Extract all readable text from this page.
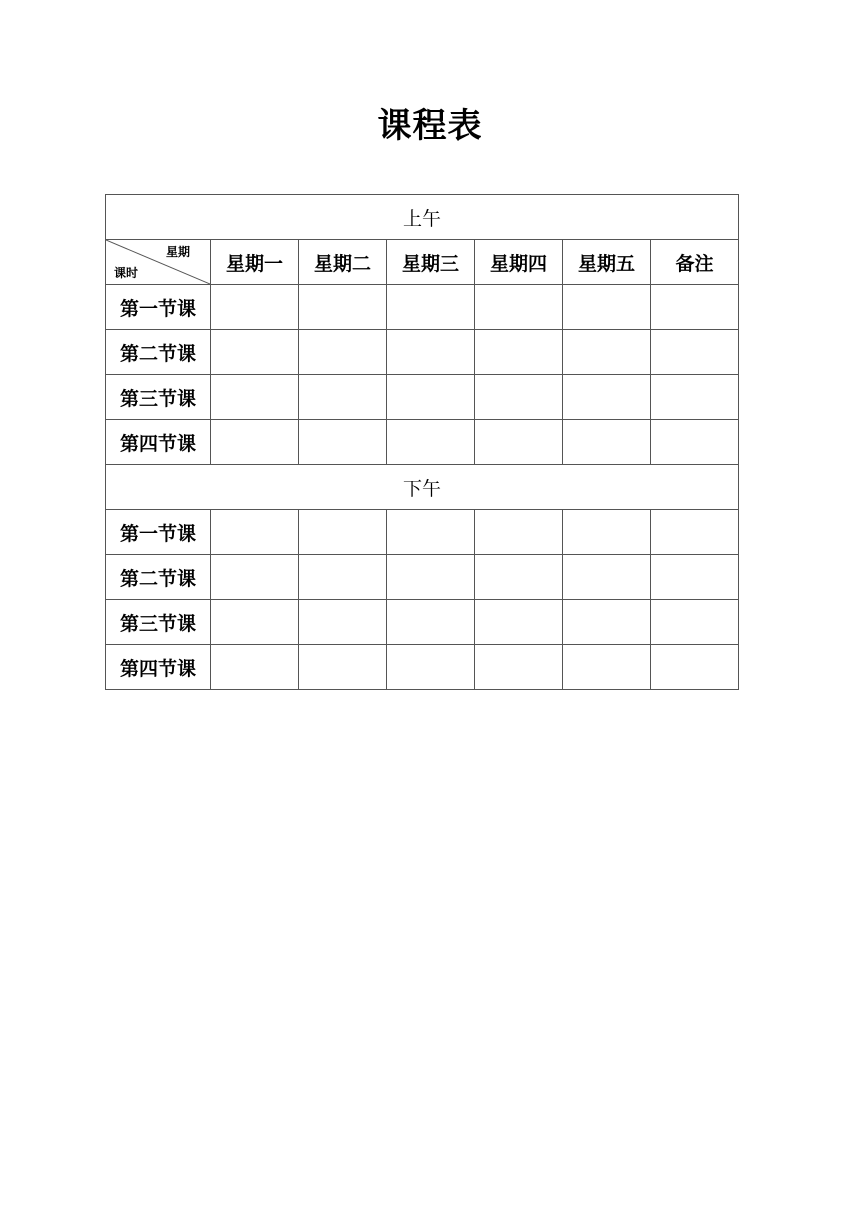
课程表
上午						

星期
课时	星期一	星期二	星期三	星期四	星期五	备注
第一节课						
第二节课						
第三节课						
第四节课						
下午						
第一节课						
第二节课						
第三节课						
第四节课						
